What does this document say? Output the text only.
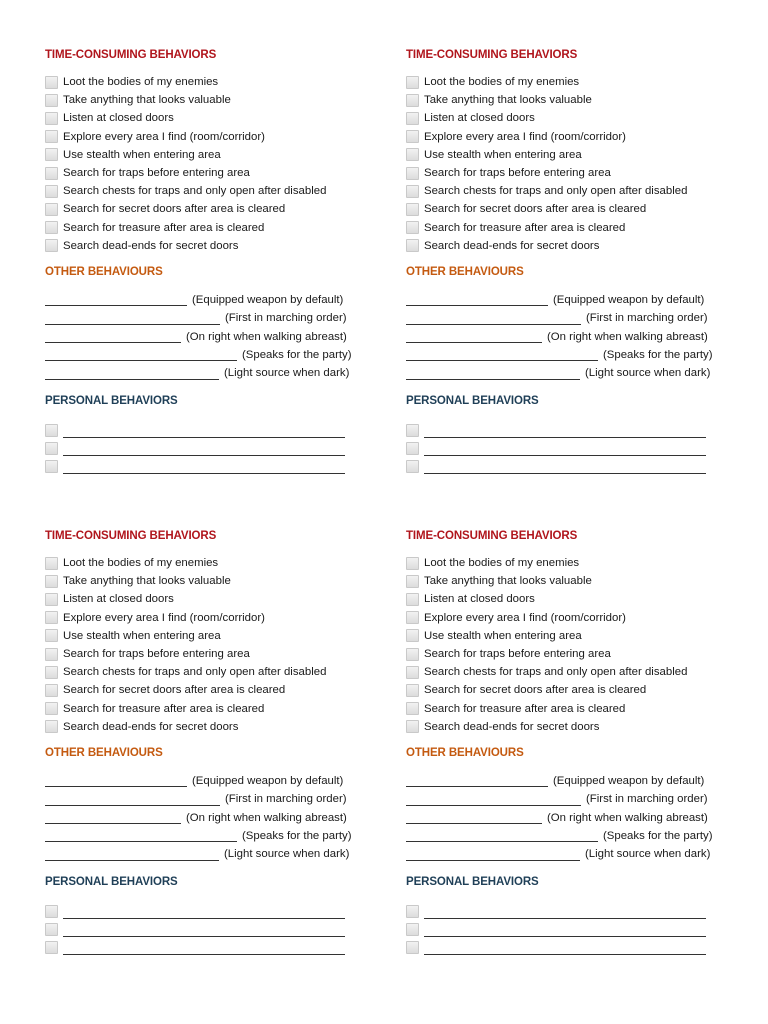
TIME-CONSUMING BEHAVIORS
Loot the bodies of my enemies
Take anything that looks valuable
Listen at closed doors
Explore every area I find (room/corridor)
Use stealth when entering area
Search for traps before entering area
Search chests for traps and only open after disabled
Search for secret doors after area is cleared
Search for treasure after area is cleared
Search dead-ends for secret doors
OTHER BEHAVIOURS
(Equipped weapon by default)
(First in marching order)
(On right when walking abreast)
(Speaks for the party)
(Light source when dark)
PERSONAL BEHAVIORS
TIME-CONSUMING BEHAVIORS
Loot the bodies of my enemies
Take anything that looks valuable
Listen at closed doors
Explore every area I find (room/corridor)
Use stealth when entering area
Search for traps before entering area
Search chests for traps and only open after disabled
Search for secret doors after area is cleared
Search for treasure after area is cleared
Search dead-ends for secret doors
OTHER BEHAVIOURS
(Equipped weapon by default)
(First in marching order)
(On right when walking abreast)
(Speaks for the party)
(Light source when dark)
PERSONAL BEHAVIORS
TIME-CONSUMING BEHAVIORS
Loot the bodies of my enemies
Take anything that looks valuable
Listen at closed doors
Explore every area I find (room/corridor)
Use stealth when entering area
Search for traps before entering area
Search chests for traps and only open after disabled
Search for secret doors after area is cleared
Search for treasure after area is cleared
Search dead-ends for secret doors
OTHER BEHAVIOURS
(Equipped weapon by default)
(First in marching order)
(On right when walking abreast)
(Speaks for the party)
(Light source when dark)
PERSONAL BEHAVIORS
TIME-CONSUMING BEHAVIORS
Loot the bodies of my enemies
Take anything that looks valuable
Listen at closed doors
Explore every area I find (room/corridor)
Use stealth when entering area
Search for traps before entering area
Search chests for traps and only open after disabled
Search for secret doors after area is cleared
Search for treasure after area is cleared
Search dead-ends for secret doors
OTHER BEHAVIOURS
(Equipped weapon by default)
(First in marching order)
(On right when walking abreast)
(Speaks for the party)
(Light source when dark)
PERSONAL BEHAVIORS
